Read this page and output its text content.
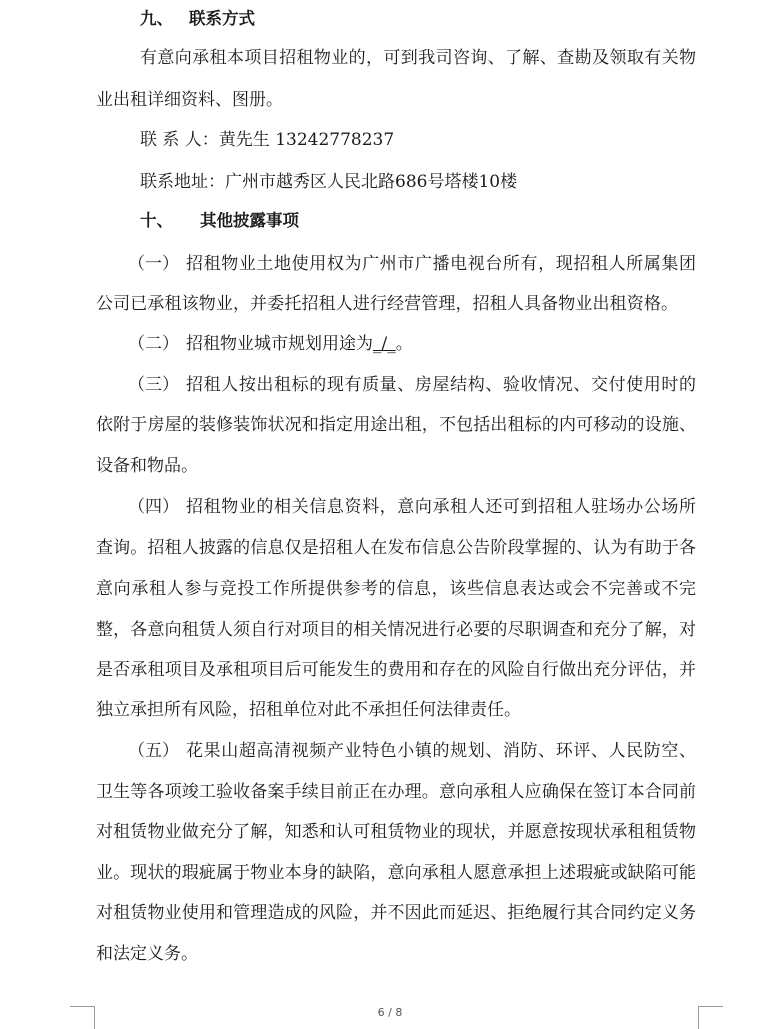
九、 联系方式

有意向承租本项目招租物业的，可到我司咨询、了解、查勘及领取有关物

业出租详细资料、图册。

联 系 人：黄先生 13242778237

联系地址：广州市越秀区人民北路686号塔楼10楼

十、 其他披露事项

（一） 招租物业土地使用权为广州市广播电视台所有，现招租人所属集团

公司已承租该物业，并委托招租人进行经营管理，招租人具备物业出租资格。

（二） 招租物业城市规划用途为_/_。

（三） 招租人按出租标的现有质量、房屋结构、验收情况、交付使用时的

依附于房屋的装修装饰状况和指定用途出租，不包括出租标的内可移动的设施、

设备和物品。

（四） 招租物业的相关信息资料，意向承租人还可到招租人驻场办公场所

查询。招租人披露的信息仅是招租人在发布信息公告阶段掌握的、认为有助于各

意向承租人参与竞投工作所提供参考的信息，该些信息表达或会不完善或不完

整，各意向租赁人须自行对项目的相关情况进行必要的尽职调查和充分了解，对

是否承租项目及承租项目后可能发生的费用和存在的风险自行做出充分评估，并

独立承担所有风险，招租单位对此不承担任何法律责任。

（五） 花果山超高清视频产业特色小镇的规划、消防、环评、人民防空、

卫生等各项竣工验收备案手续目前正在办理。意向承租人应确保在签订本合同前

对租赁物业做充分了解，知悉和认可租赁物业的现状，并愿意按现状承租租赁物

业。现状的瑕疵属于物业本身的缺陷，意向承租人愿意承担上述瑕疵或缺陷可能

对租赁物业使用和管理造成的风险，并不因此而延迟、拒绝履行其合同约定义务

和法定义务。

6 / 8
